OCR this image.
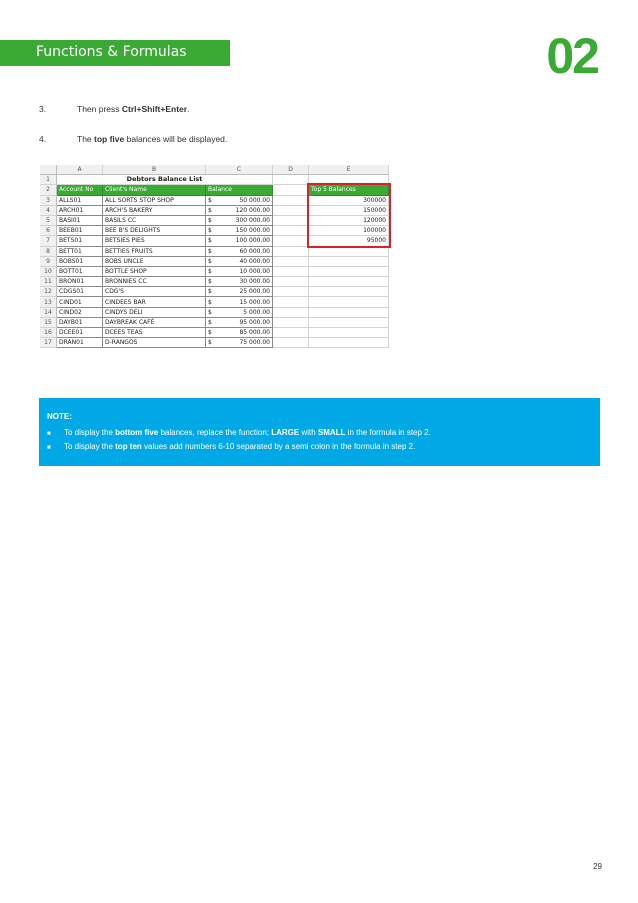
Functions & Formulas	02
3.	Then press Ctrl+Shift+Enter.
4.	The top five balances will be displayed.
	A	B	C	D	E
1	Debtors Balance List				
2	Account No	Client's Name	Balance		Top 5 Balances
3	ALLS01	ALL SORTS STOP SHOP	$ 50 000.00		300000
4	ARCH01	ARCH'S BAKERY	$ 120 000.00		150000
5	BASI01	BASILS CC	$ 300 000.00		120000
6	BEEB01	BEE B'S DELIGHTS	$ 150 000.00		100000
7	BETS01	BETSIES PIES	$ 100 000.00		95000
8	BETT01	BETTIES FRUITS	$ 60 000.00		
9	BOBS01	BOBS UNCLE	$ 40 000.00		
10	BOTT01	BOTTLE SHOP	$ 10 000.00		
11	BRON01	BRONNIES CC	$ 30 000.00		
12	CDGS01	CDG'S	$ 25 000.00		
13	CIND01	CINDEES BAR	$ 15 000.00		
14	CIND02	CINDYS DELI	$ 5 000.00		
15	DAYB01	DAYBREAK CAFÉ	$ 95 000.00		
16	DCEE01	DCEES TEAS	$ 85 000.00		
17	DRAN01	D-RANGOS	$ 75 000.00		
NOTE:
■ To display the bottom five balances, replace the function; LARGE with SMALL in the formula in step 2.
■ To display the top ten values add numbers 6-10 separated by a semi colon in the formula in step 2.
29
